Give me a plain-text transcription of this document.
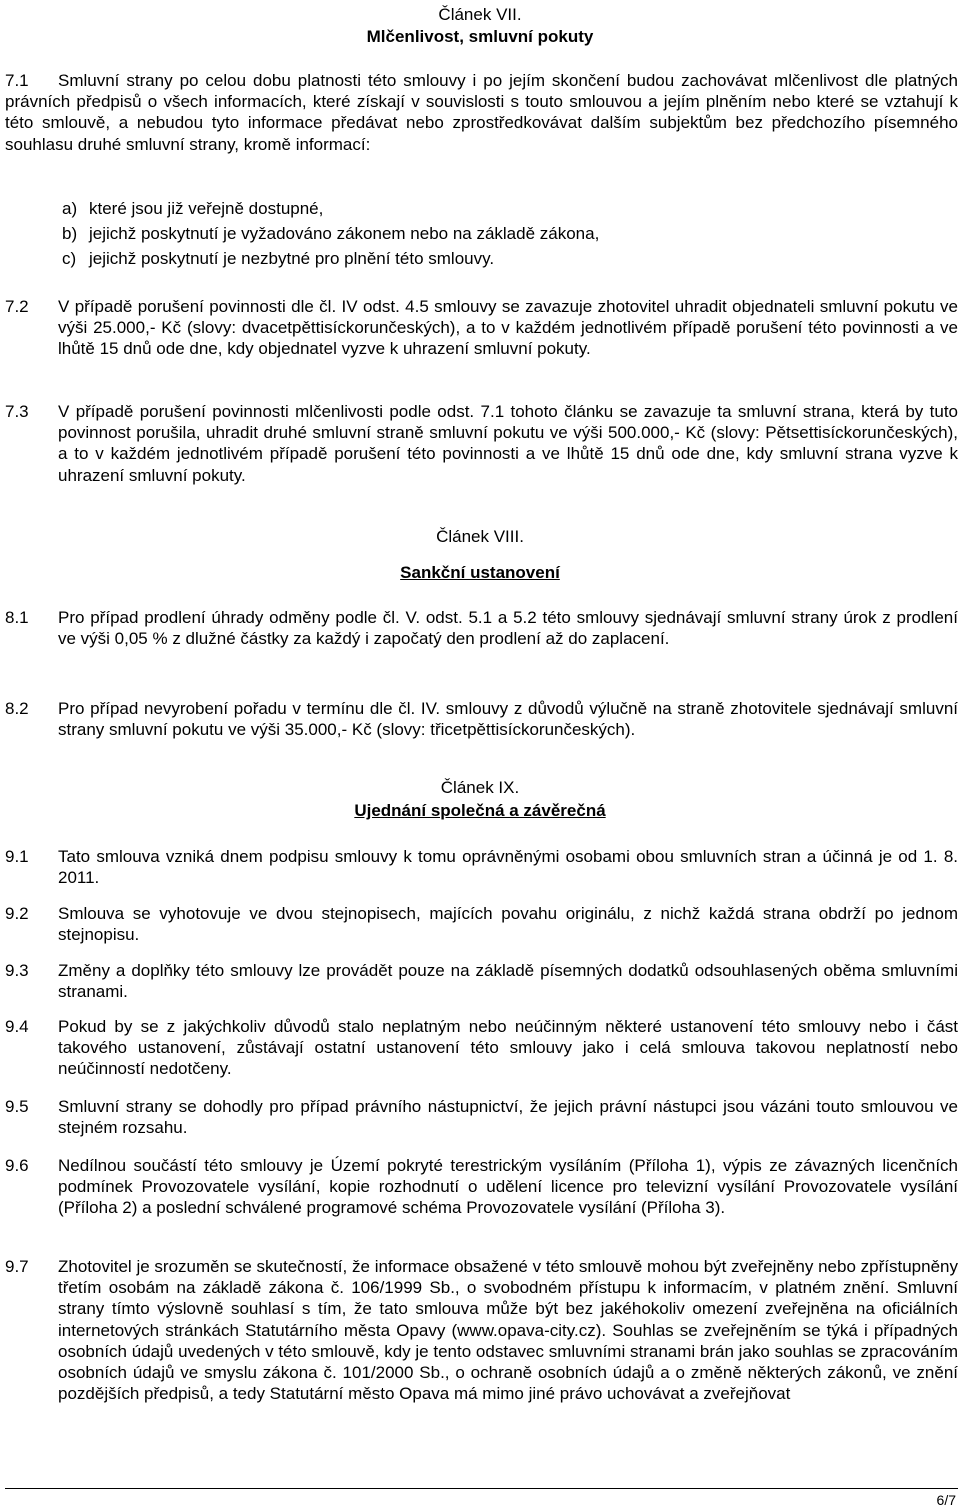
Článek VII.
Mlčenlivost, smluvní pokuty
7.1	Smluvní strany po celou dobu platnosti této smlouvy i po jejím skončení budou zachovávat mlčenlivost dle platných právních předpisů o všech informacích, které získají v souvislosti s touto smlouvou a jejím plněním nebo které se vztahují k této smlouvě, a nebudou tyto informace předávat nebo zprostředkovávat dalším subjektům bez předchozího písemného souhlasu druhé smluvní strany, kromě informací:
a) které jsou již veřejně dostupné,
b) jejichž poskytnutí je vyžadováno zákonem nebo na základě zákona,
c) jejichž poskytnutí je nezbytné pro plnění této smlouvy.
7.2 V případě porušení povinnosti dle čl. IV odst. 4.5 smlouvy se zavazuje zhotovitel uhradit objednateli smluvní pokutu ve výši 25.000,- Kč (slovy: dvacetpěttisíckorunčeských), a to v každém jednotlivém případě porušení této povinnosti a ve lhůtě 15 dnů ode dne, kdy objednatel vyzve k uhrazení smluvní pokuty.
7.3 V případě porušení povinnosti mlčenlivosti podle odst. 7.1 tohoto článku se zavazuje ta smluvní strana, která by tuto povinnost porušila, uhradit druhé smluvní straně smluvní pokutu ve výši 500.000,- Kč (slovy: Pětsettisíckorunčeských), a to v každém jednotlivém případě porušení této povinnosti a ve lhůtě 15 dnů ode dne, kdy smluvní strana vyzve k uhrazení smluvní pokuty.
Článek VIII.
Sankční ustanovení
8.1 Pro případ prodlení úhrady odměny podle čl. V. odst. 5.1 a 5.2 této smlouvy sjednávají smluvní strany úrok z prodlení ve výši 0,05 % z dlužné částky za každý i započatý den prodlení až do zaplacení.
8.2 Pro případ nevyrobení pořadu v termínu dle čl. IV. smlouvy z důvodů výlučně na straně zhotovitele sjednávají smluvní strany smluvní pokutu ve výši 35.000,- Kč (slovy: třicetpěttisíckorunčeských).
Článek IX.
Ujednání společná a závěrečná
9.1 Tato smlouva vzniká dnem podpisu smlouvy k tomu oprávněnými osobami obou smluvních stran a účinná je od 1. 8. 2011.
9.2 Smlouva se vyhotovuje ve dvou stejnopisech, majících povahu originálu, z nichž každá strana obdrží po jednom stejnopisu.
9.3 Změny a doplňky této smlouvy lze provádět pouze na základě písemných dodatků odsouhlasených oběma smluvními stranami.
9.4 Pokud by se z jakýchkoliv důvodů stalo neplatným nebo neúčinným některé ustanovení této smlouvy nebo i část takového ustanovení, zůstávají ostatní ustanovení této smlouvy jako i celá smlouva takovou neplatností nebo neúčinností nedotčeny.
9.5 Smluvní strany se dohodly pro případ právního nástupnictví, že jejich právní nástupci jsou vázáni touto smlouvou ve stejném rozsahu.
9.6 Nedílnou součástí této smlouvy je Území pokryté terestrickým vysíláním (Příloha 1), výpis ze závazných licenčních podmínek Provozovatele vysílání, kopie rozhodnutí o udělení licence pro televizní vysílání Provozovatele vysílání (Příloha 2) a poslední schválené programové schéma Provozovatele vysílání (Příloha 3).
9.7 Zhotovitel je srozuměn se skutečností, že informace obsažené v této smlouvě mohou být zveřejněny nebo zpřístupněny třetím osobám na základě zákona č. 106/1999 Sb., o svobodném přístupu k informacím, v platném znění. Smluvní strany tímto výslovně souhlasí s tím, že tato smlouva může být bez jakéhokoliv omezení zveřejněna na oficiálních internetových stránkách Statutárního města Opavy (www.opava-city.cz). Souhlas se zveřejněním se týká i případných osobních údajů uvedených v této smlouvě, kdy je tento odstavec smluvními stranami brán jako souhlas se zpracováním osobních údajů ve smyslu zákona č. 101/2000 Sb., o ochraně osobních údajů a o změně některých zákonů, ve znění pozdějších předpisů, a tedy Statutární město Opava má mimo jiné právo uchovávat a zveřejňovat
6/7
